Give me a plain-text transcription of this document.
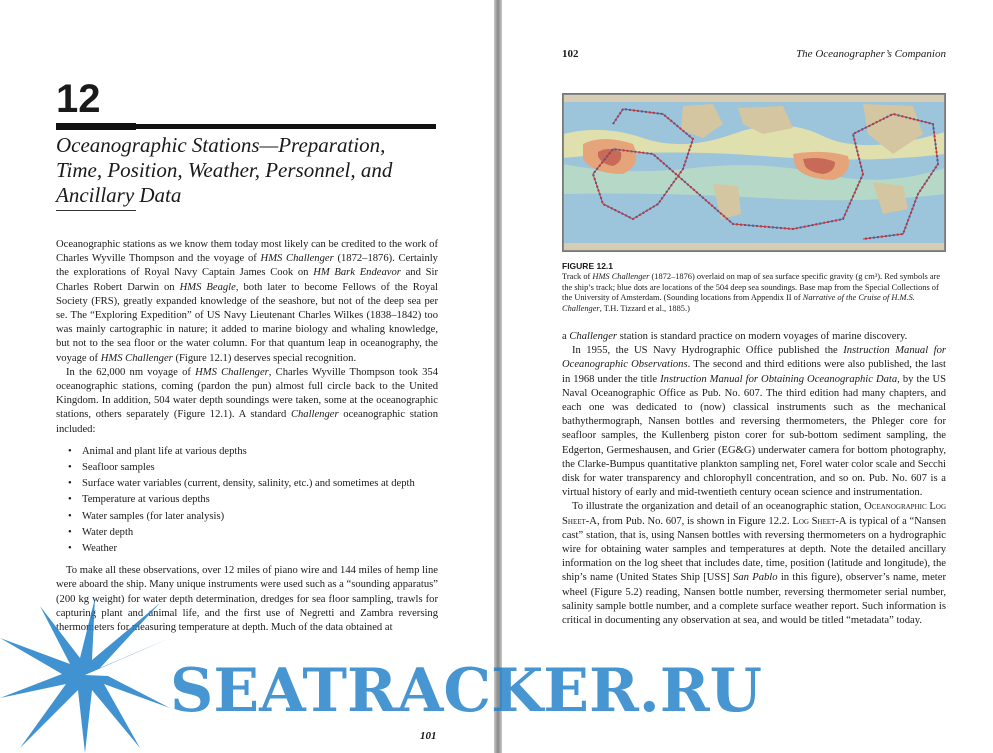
12
Oceanographic Stations—Preparation, Time, Position, Weather, Personnel, and Ancillary Data

Oceanographic stations as we know them today most likely can be credited to the work of Charles Wyville Thompson and the voyage of HMS Challenger (1872–1876). Certainly the explorations of Royal Navy Captain James Cook on HM Bark Endeavor and Sir Charles Robert Darwin on HMS Beagle, both later to become Fellows of the Royal Society (FRS), greatly expanded knowledge of the seashore, but not of the deep sea per se. The “Exploring Expedition” of US Navy Lieutenant Charles Wilkes (1838–1842) too was mainly cartographic in nature; it added to marine biology and whaling knowledge, but not to the sea floor or the water column. For that quantum leap in oceanography, the voyage of HMS Challenger (Figure 12.1) deserves special recognition.

In the 62,000 nm voyage of HMS Challenger, Charles Wyville Thompson took 354 oceanographic stations, coming (pardon the pun) almost full circle back to the United Kingdom. In addition, 504 water depth soundings were taken, some at the oceanographic stations, others separately (Figure 12.1). A standard Challenger oceanographic station included:

• Animal and plant life at various depths
• Seafloor samples
• Surface water variables (current, density, salinity, etc.) and sometimes at depth
• Temperature at various depths
• Water samples (for later analysis)
• Water depth
• Weather

To make all these observations, over 12 miles of piano wire and 144 miles of hemp line were aboard the ship. Many unique instruments were used such as a “sounding apparatus” (200 kg weight) for water depth determination, dredges for sea floor sampling, trawls for capturing plant and animal life, and the first use of Negretti and Zambra reversing thermometers for measuring temperature at depth. Much of the data obtained at

101
102	The Oceanographer’s Companion

FIGURE 12.1

Track of HMS Challenger (1872–1876) overlaid on map of sea surface specific gravity (g cm³). Red symbols are the ship’s track; blue dots are locations of the 504 deep sea soundings. Base map from the Special Collections of the University of Amsterdam. (Sounding locations from Appendix II of Narrative of the Cruise of H.M.S. Challenger, T.H. Tizzard et al., 1885.)

a Challenger station is standard practice on modern voyages of marine discovery.

In 1955, the US Navy Hydrographic Office published the Instruction Manual for Oceanographic Observations. The second and third editions were also published, the last in 1968 under the title Instruction Manual for Obtaining Oceanographic Data, by the US Naval Oceanographic Office as Pub. No. 607. The third edition had many chapters, and each one was dedicated to (now) classical instruments such as the mechanical bathythermograph, Nansen bottles and reversing thermometers, the Phleger core for seafloor samples, the Kullenberg piston corer for sub-bottom sediment sampling, the Edgerton, Germeshausen, and Grier (EG&G) underwater camera for bottom photography, the Clarke-Bumpus quantitative plankton sampling net, Forel water color scale and Secchi disk for water transparency and chlorophyll concentration, and so on. Pub. No. 607 is a virtual history of early and mid-twentieth century ocean science and instrumentation.

To illustrate the organization and detail of an oceanographic station, Oceanographic Log Sheet-A, from Pub. No. 607, is shown in Figure 12.2. Log Sheet-A is typical of a “Nansen cast” station, that is, using Nansen bottles with reversing thermometers on a hydrographic wire for obtaining water samples and temperatures at depth. Note the detailed ancillary information on the log sheet that includes date, time, position (latitude and longitude), the ship’s name (United States Ship [USS] San Pablo in this figure), observer’s name, meter wheel (Figure 5.2) reading, Nansen bottle number, reversing thermometer serial number, salinity sample bottle number, and a complete surface weather report. Such information is critical in documenting any observation at sea, and would be titled “metadata” today.

SEATRACKER.RU
